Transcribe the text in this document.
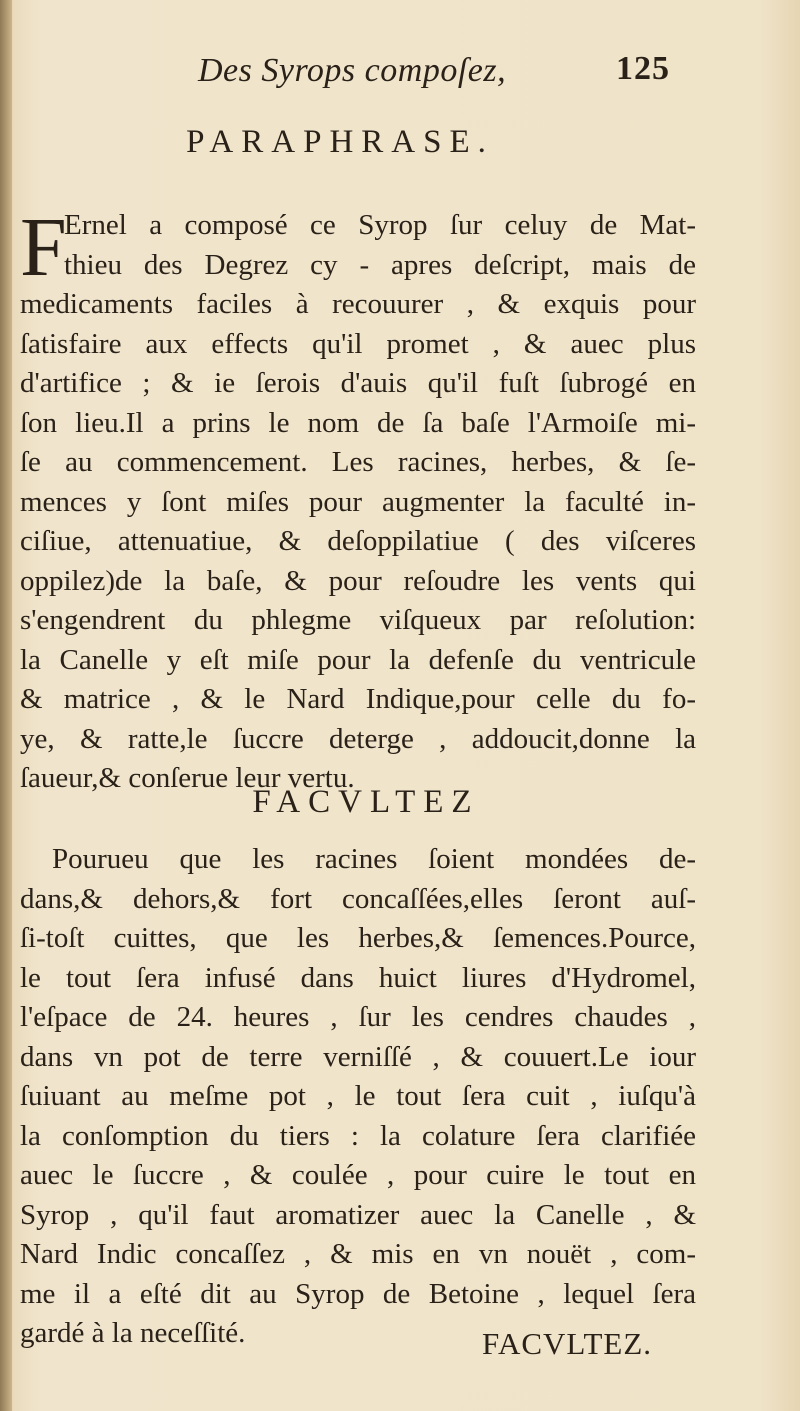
Des Syrops compoſez,	125
PARAPHRASE.
F
Ernel a composé ce Syrop ſur celuy de Mat-
thieu des Degrez cy - apres deſcript, mais de
medicaments faciles à recouurer , & exquis pour
ſatisfaire aux effects qu'il promet , & auec plus
d'artifice ; & ie ſerois d'auis qu'il fuſt ſubrogé en
ſon lieu.Il a prins le nom de ſa baſe l'Armoiſe mi-
ſe au commencement. Les racines, herbes, & ſe-
mences y ſont miſes pour augmenter la faculté in-
ciſiue, attenuatiue, & deſoppilatiue ( des viſceres
oppilez)de la baſe, & pour reſoudre les vents qui
s'engendrent du phlegme viſqueux par reſolution:
la Canelle y eſt miſe pour la defenſe du ventricule
& matrice , & le Nard Indique,pour celle du fo-
ye, & ratte,le ſuccre deterge , addoucit,donne la
ſaueur,& conſerue leur vertu.
FACVLTEZ
Pourueu que les racines ſoient mondées de-
dans,& dehors,& fort concaſſées,elles ſeront auſ-
ſi-toſt cuittes, que les herbes,& ſemences.Pource,
le tout ſera infusé dans huict liures d'Hydromel,
l'eſpace de 24. heures , ſur les cendres chaudes ,
dans vn pot de terre verniſſé , & couuert.Le iour
ſuiuant au meſme pot , le tout ſera cuit , iuſqu'à
la conſomption du tiers : la colature ſera clarifiée
auec le ſuccre , & coulée , pour cuire le tout en
Syrop , qu'il faut aromatizer auec la Canelle , &
Nard Indic concaſſez , & mis en vn nouët , com-
me il a eſté dit au Syrop de Betoine , lequel ſera
gardé à la neceſſité.	FACVLTEZ.
